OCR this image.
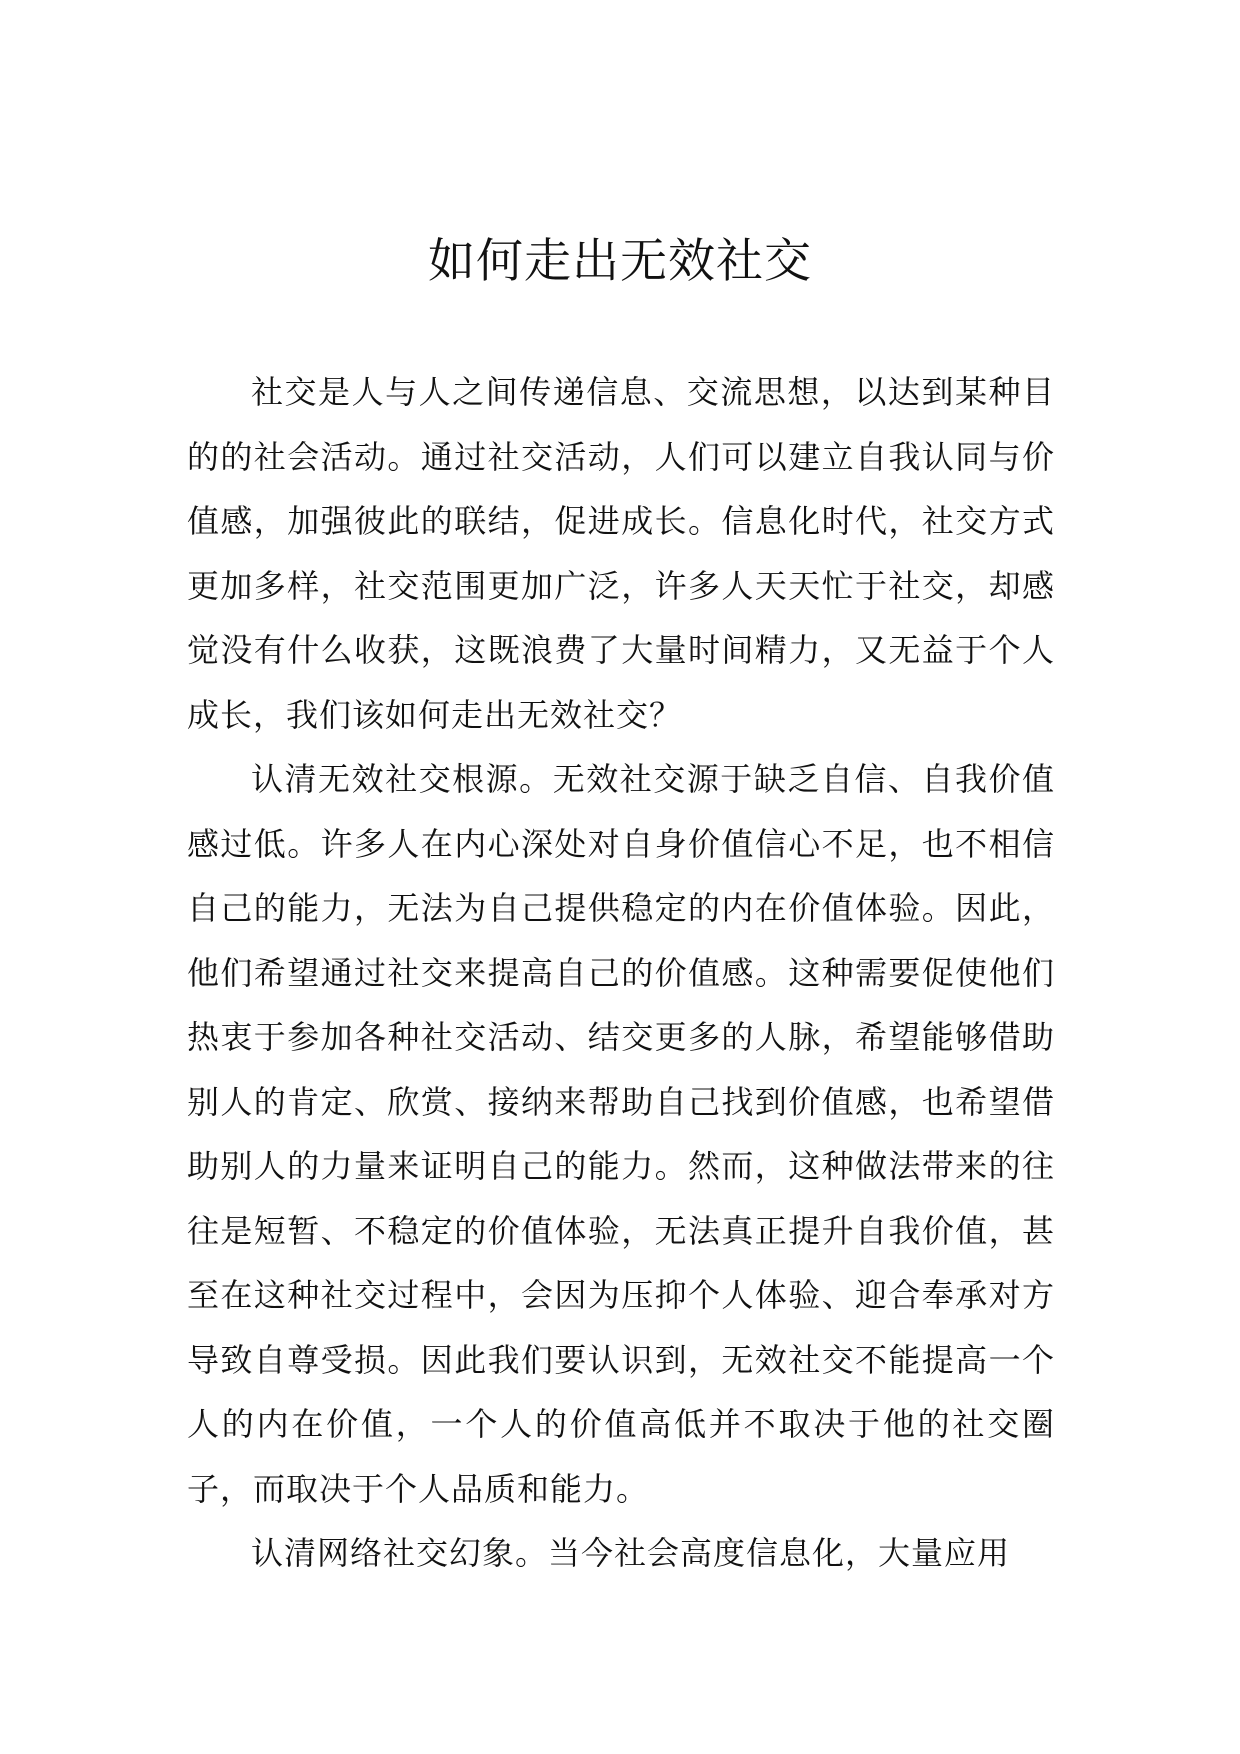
如何走出无效社交

社交是人与人之间传递信息、交流思想，以达到某种目的的社会活动。通过社交活动，人们可以建立自我认同与价值感，加强彼此的联结，促进成长。信息化时代，社交方式更加多样，社交范围更加广泛，许多人天天忙于社交，却感觉没有什么收获，这既浪费了大量时间精力，又无益于个人成长，我们该如何走出无效社交？

认清无效社交根源。无效社交源于缺乏自信、自我价值感过低。许多人在内心深处对自身价值信心不足，也不相信自己的能力，无法为自己提供稳定的内在价值体验。因此，他们希望通过社交来提高自己的价值感。这种需要促使他们热衷于参加各种社交活动、结交更多的人脉，希望能够借助别人的肯定、欣赏、接纳来帮助自己找到价值感，也希望借助别人的力量来证明自己的能力。然而，这种做法带来的往往是短暂、不稳定的价值体验，无法真正提升自我价值，甚至在这种社交过程中，会因为压抑个人体验、迎合奉承对方导致自尊受损。因此我们要认识到，无效社交不能提高一个人的内在价值，一个人的价值高低并不取决于他的社交圈子，而取决于个人品质和能力。

认清网络社交幻象。当今社会高度信息化，大量应用
